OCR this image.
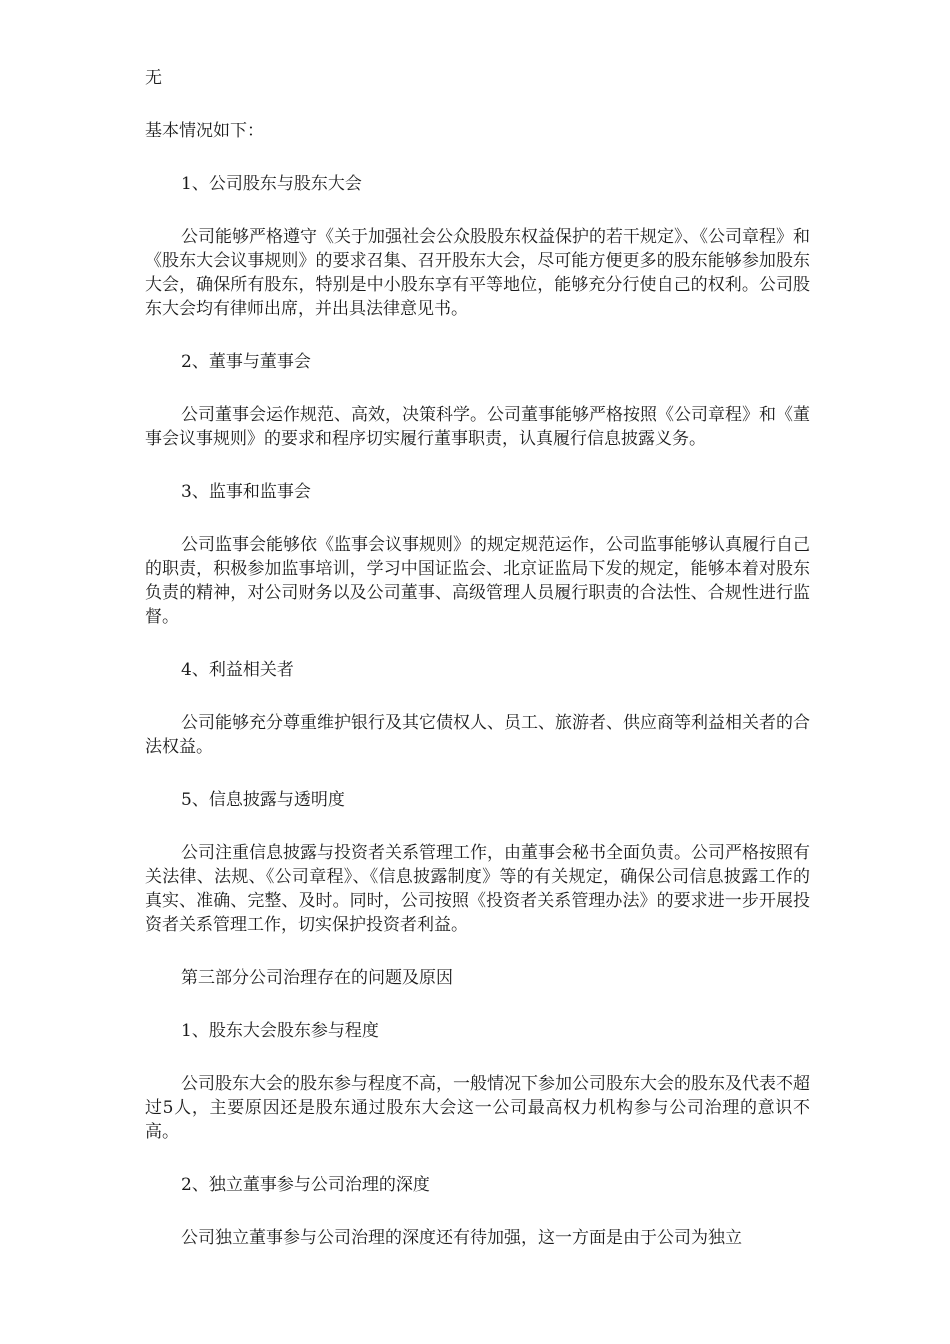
无

基本情况如下：

1、公司股东与股东大会

公司能够严格遵守《关于加强社会公众股股东权益保护的若干规定》、《公司章程》和《股东大会议事规则》的要求召集、召开股东大会，尽可能方便更多的股东能够参加股东大会，确保所有股东，特别是中小股东享有平等地位，能够充分行使自己的权利。公司股东大会均有律师出席，并出具法律意见书。

2、董事与董事会

公司董事会运作规范、高效，决策科学。公司董事能够严格按照《公司章程》和《董事会议事规则》的要求和程序切实履行董事职责，认真履行信息披露义务。

3、监事和监事会

公司监事会能够依《监事会议事规则》的规定规范运作，公司监事能够认真履行自己的职责，积极参加监事培训，学习中国证监会、北京证监局下发的规定，能够本着对股东负责的精神，对公司财务以及公司董事、高级管理人员履行职责的合法性、合规性进行监督。

4、利益相关者

公司能够充分尊重维护银行及其它债权人、员工、旅游者、供应商等利益相关者的合法权益。

5、信息披露与透明度

公司注重信息披露与投资者关系管理工作，由董事会秘书全面负责。公司严格按照有关法律、法规、《公司章程》、《信息披露制度》等的有关规定，确保公司信息披露工作的真实、准确、完整、及时。同时，公司按照《投资者关系管理办法》的要求进一步开展投资者关系管理工作，切实保护投资者利益。

第三部分公司治理存在的问题及原因

1、股东大会股东参与程度

公司股东大会的股东参与程度不高，一般情况下参加公司股东大会的股东及代表不超过5人，主要原因还是股东通过股东大会这一公司最高权力机构参与公司治理的意识不高。

2、独立董事参与公司治理的深度

公司独立董事参与公司治理的深度还有待加强，这一方面是由于公司为独立
